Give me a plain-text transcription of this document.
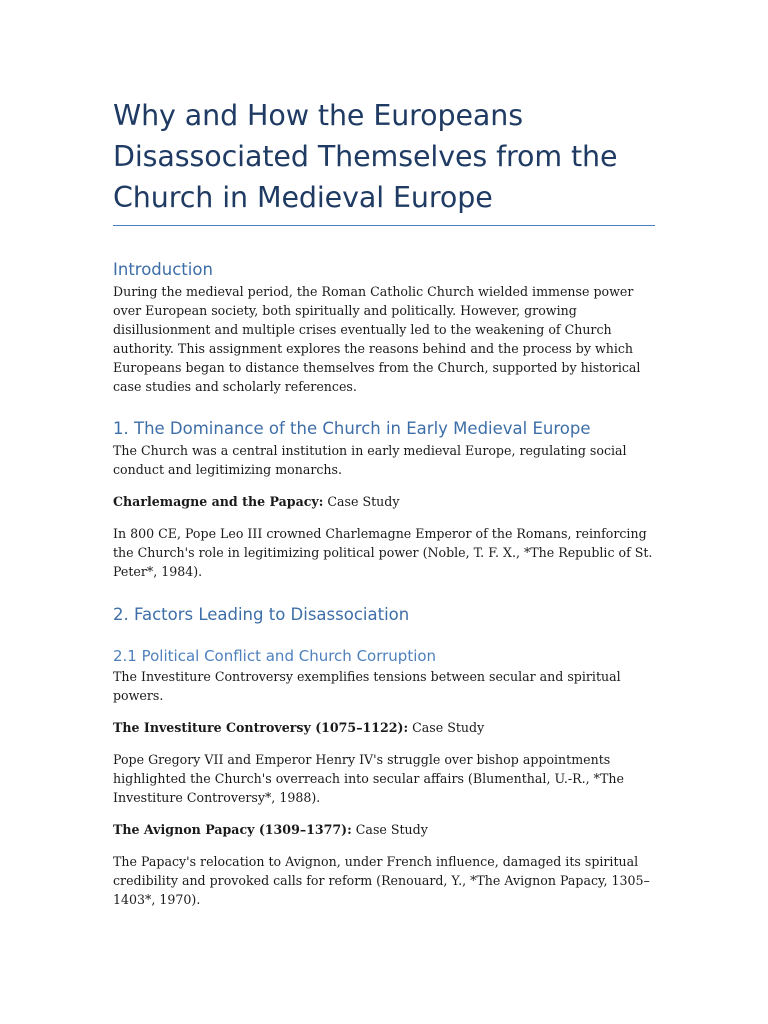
Why and How the Europeans Disassociated Themselves from the Church in Medieval Europe
Introduction

During the medieval period, the Roman Catholic Church wielded immense power over European society, both spiritually and politically. However, growing disillusionment and multiple crises eventually led to the weakening of Church authority. This assignment explores the reasons behind and the process by which Europeans began to distance themselves from the Church, supported by historical case studies and scholarly references.

1. The Dominance of the Church in Early Medieval Europe

The Church was a central institution in early medieval Europe, regulating social conduct and legitimizing monarchs.

Charlemagne and the Papacy: Case Study

In 800 CE, Pope Leo III crowned Charlemagne Emperor of the Romans, reinforcing the Church's role in legitimizing political power (Noble, T. F. X., *The Republic of St. Peter*, 1984).

2. Factors Leading to Disassociation
2.1 Political Conflict and Church Corruption

The Investiture Controversy exemplifies tensions between secular and spiritual powers.

The Investiture Controversy (1075–1122): Case Study

Pope Gregory VII and Emperor Henry IV's struggle over bishop appointments highlighted the Church's overreach into secular affairs (Blumenthal, U.-R., *The Investiture Controversy*, 1988).

The Avignon Papacy (1309–1377): Case Study

The Papacy's relocation to Avignon, under French influence, damaged its spiritual credibility and provoked calls for reform (Renouard, Y., *The Avignon Papacy, 1305–1403*, 1970).
